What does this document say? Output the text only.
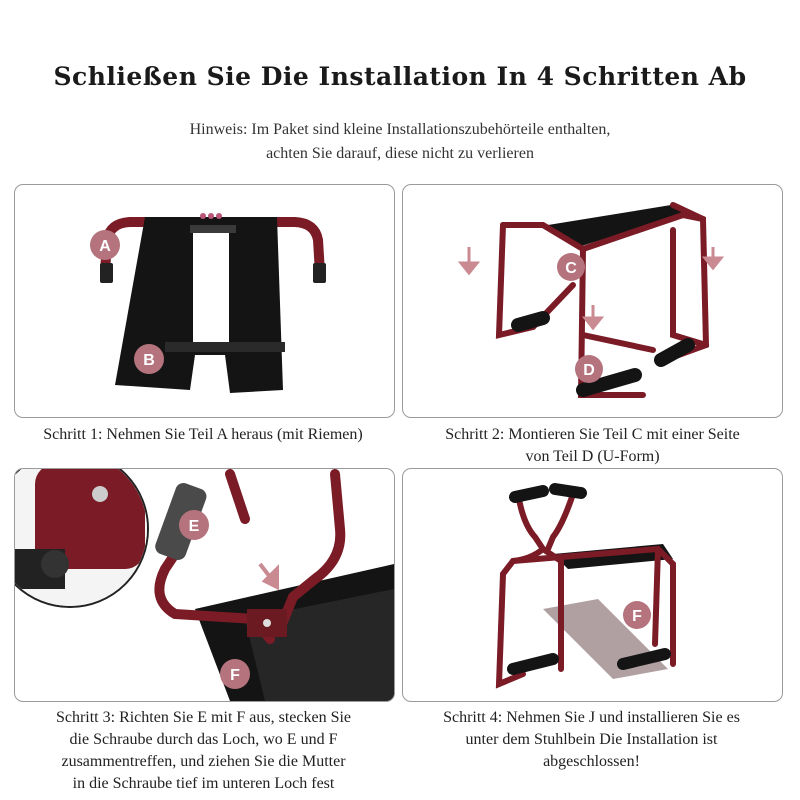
Schließen Sie Die Installation In 4 Schritten Ab
Hinweis: Im Paket sind kleine Installationszubehörteile enthalten,
achten Sie darauf, diese nicht zu verlieren
A
B
C
D
E
F
F
Schritt 1: Nehmen Sie Teil A heraus (mit Riemen)	Schritt 2: Montieren Sie Teil C mit einer Seite
von Teil D (U-Form)
Schritt 3: Richten Sie E mit F aus, stecken Sie
die Schraube durch das Loch, wo E und F
zusammentreffen, und ziehen Sie die Mutter
in die Schraube tief im unteren Loch fest
Schritt 4: Nehmen Sie J und installieren Sie es
unter dem Stuhlbein Die Installation ist
abgeschlossen!
